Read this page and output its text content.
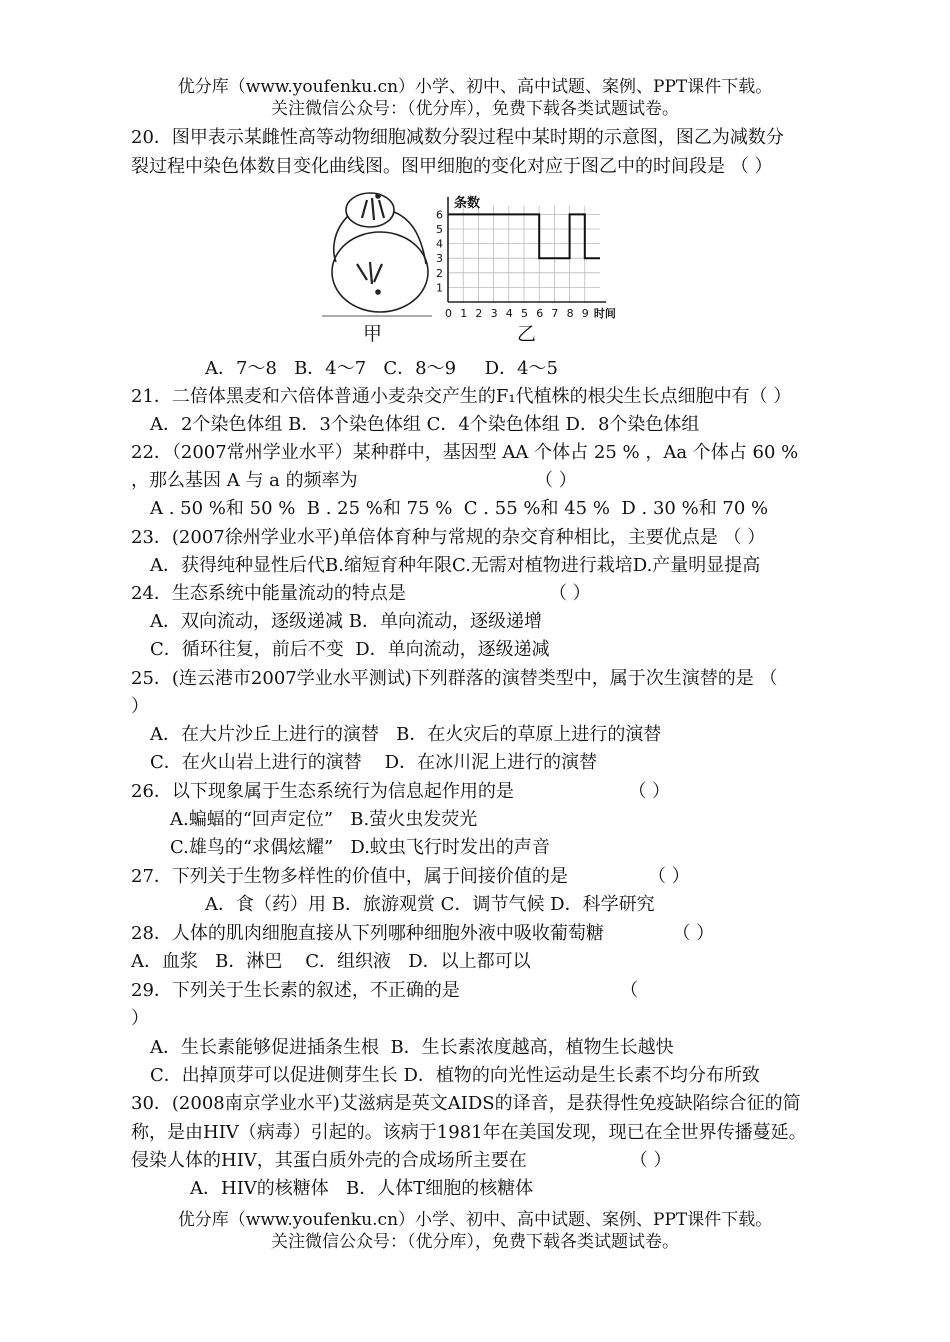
优分库（www.youfenku.cn）小学、初中、高中试题、案例、PPT课件下载。
关注微信公众号：（优分库），免费下载各类试题试卷。
20．图甲表示某雌性高等动物细胞减数分裂过程中某时期的示意图，图乙为减数分
裂过程中染色体数目变化曲线图。图甲细胞的变化对应于图乙中的时间段是 （ ）
甲	乙
1
2
3
4
5
6
0 1 2 3 4 5 6 7 8 9
条数
时间
A．7～8   B．4～7   C．8～9     D．4～5
21．二倍体黑麦和六倍体普通小麦杂交产生的F₁代植株的根尖生长点细胞中有（ ）
A．2个染色体组 B．3个染色体组 C．4个染色体组 D．8个染色体组
22．（2007常州学业水平）某种群中，基因型 AA 个体占 25 % ，Aa 个体占 60 %
，那么基因 A 与 a 的频率为                               （ ）
A . 50 %和 50 %  B . 25 %和 75 %  C . 55 %和 45 %  D . 30 %和 70 %
23．(2007徐州学业水平)单倍体育种与常规的杂交育种相比，主要优点是 （ ）
A．获得纯种显性后代B.缩短育种年限C.无需对植物进行栽培D.产量明显提高
24．生态系统中能量流动的特点是                         （ ）
A．双向流动，逐级递减 B．单向流动，逐级递增
C．循环往复，前后不变  D．单向流动，逐级递减
25．(连云港市2007学业水平测试)下列群落的演替类型中，属于次生演替的是 （
）
A．在大片沙丘上进行的演替   B．在火灾后的草原上进行的演替
C．在火山岩上进行的演替    D．在冰川泥上进行的演替
26．以下现象属于生态系统行为信息起作用的是                    （ ）
A.蝙蝠的“回声定位”   B.萤火虫发荧光
C.雄鸟的“求偶炫耀”   D.蚊虫飞行时发出的声音
27．下列关于生物多样性的价值中，属于间接价值的是              （ ）
A．食（药）用 B．旅游观赏 C．调节气候 D．科学研究
28．人体的肌肉细胞直接从下列哪种细胞外液中吸收葡萄糖            （ ）
A．血浆   B．淋巴    C．组织液   D．以上都可以
29．下列关于生长素的叙述，不正确的是                            （
）
A．生长素能够促进插条生根  B．生长素浓度越高，植物生长越快
C．出掉顶芽可以促进侧芽生长 D．植物的向光性运动是生长素不均分布所致
30．(2008南京学业水平)艾滋病是英文AIDS的译音，是获得性免疫缺陷综合征的简
称，是由HIV（病毒）引起的。该病于1981年在美国发现，现已在全世界传播蔓延。
侵染人体的HIV，其蛋白质外壳的合成场所主要在                  （ ）
A．HIV的核糖体   B．人体T细胞的核糖体
优分库（www.youfenku.cn）小学、初中、高中试题、案例、PPT课件下载。
关注微信公众号：（优分库），免费下载各类试题试卷。
